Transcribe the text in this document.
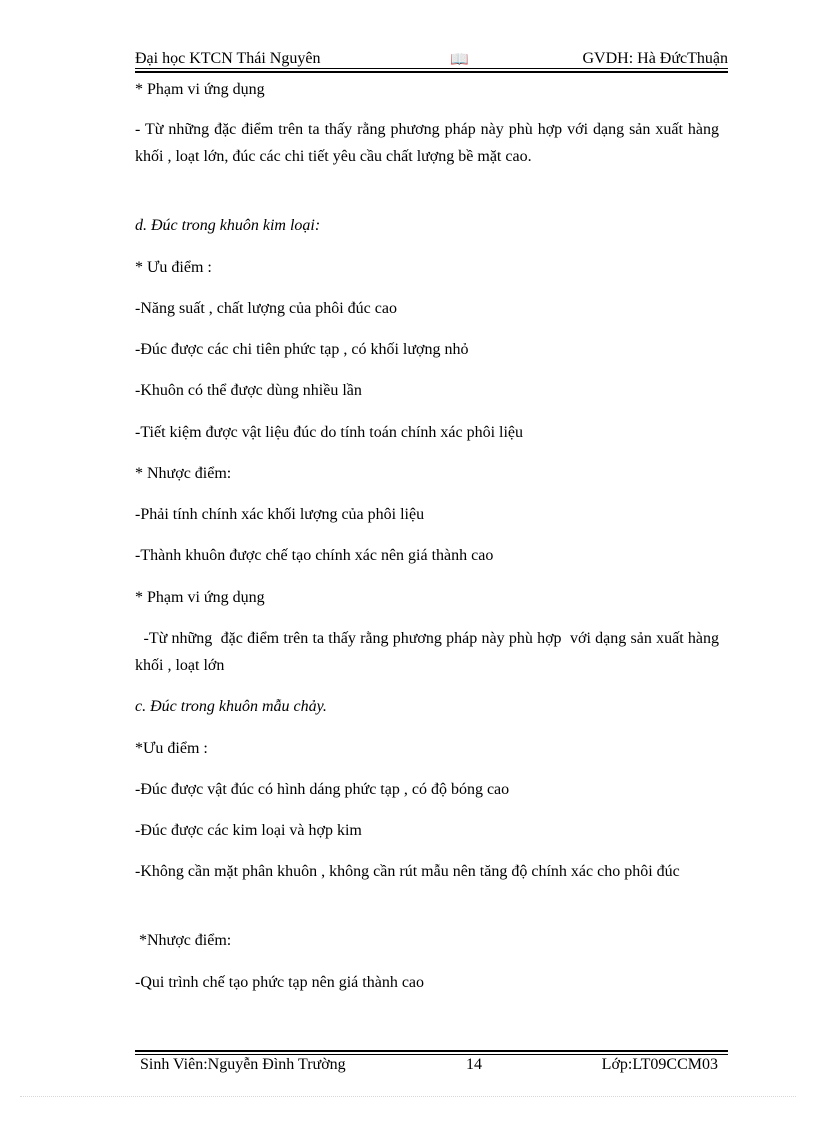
Đại học KTCN Thái Nguyên	📖	GVDH: Hà ĐứcThuận
* Phạm vi ứng dụng
- Từ những đặc điểm trên ta thấy rằng phương pháp này phù hợp với dạng sản xuất hàng khối , loạt lớn, đúc các chi tiết yêu cầu chất lượng bề mặt cao.
d. Đúc trong khuôn kim loại:
* Ưu điểm :
-Năng suất , chất lượng của phôi đúc cao
-Đúc được các chi tiên phức tạp , có khối lượng nhỏ
-Khuôn có thể được dùng nhiều lần
-Tiết kiệm được vật liệu đúc do tính toán chính xác phôi liệu
* Nhược điểm:
-Phải tính chính xác khối lượng của phôi liệu
-Thành khuôn được chế tạo chính xác nên giá thành cao
* Phạm vi ứng dụng
-Từ những  đặc điểm trên ta thấy rằng phương pháp này phù hợp  với dạng sản xuất hàng khối , loạt lớn
c. Đúc trong khuôn mẫu chảy.
*Ưu điểm :
-Đúc được vật đúc có hình dáng phức tạp , có độ bóng cao
-Đúc được các kim loại và hợp kim
-Không cần mặt phân khuôn , không cần rút mẫu nên tăng độ chính xác cho phôi đúc
*Nhược điểm:
-Qui trình chế tạo phức tạp nên giá thành cao
Sinh Viên:Nguyễn Đình Trường	14	Lớp:LT09CCM03
